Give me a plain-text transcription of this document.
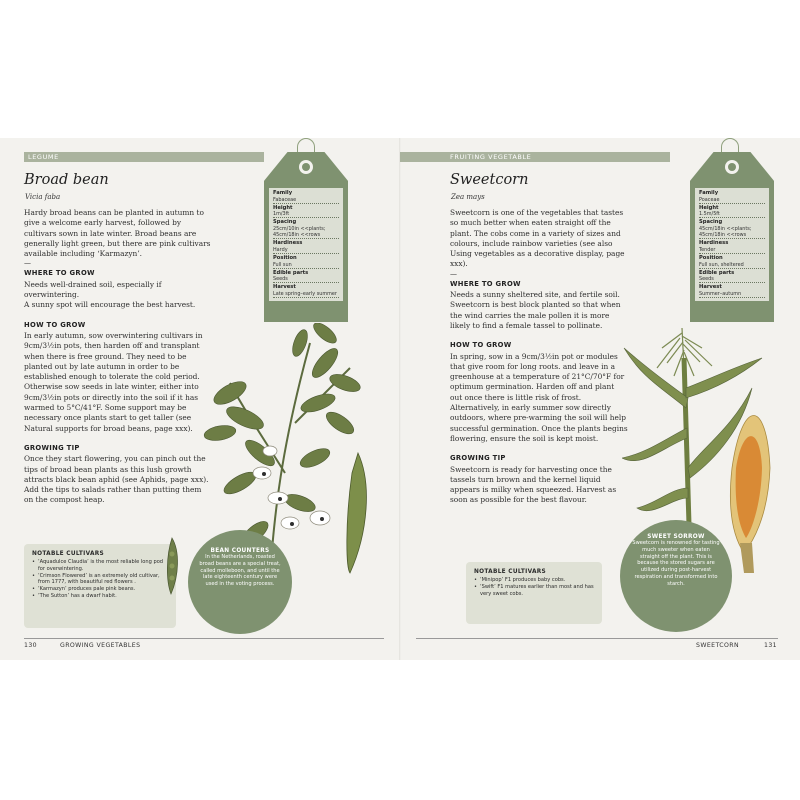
LEGUME
Broad bean
Vicia faba

Hardy broad beans can be planted in autumn to give a welcome early harvest, followed by cultivars sown in late winter. Broad beans are generally light green, but there are pink cultivars available including ‘Karmazyn’.

—
WHERE TO GROW

Needs well-drained soil, especially if overwintering.
A sunny spot will encourage the best harvest.

HOW TO GROW

In early autumn, sow overwintering cultivars in 9cm/3½in pots, then harden off and transplant when there is free ground. They need to be planted out by late autumn in order to be established enough to tolerate the cold period. Otherwise sow seeds in late winter, either into 9cm/3½in pots or directly into the soil if it has warmed to 5°C/41°F. Some support may be necessary once plants start to get taller (see Natural supports for broad beans, page xxx).

GROWING TIP

Once they start flowering, you can pinch out the tips of broad bean plants as this lush growth attracts black bean aphid (see Aphids, page xxx). Add the tips to salads rather than putting them on the compost heap.

Family
Fabaceae
Height
1m/3ft
Spacing
25cm/10in <<plants;
45cm/18in <<rows
Hardiness
Hardy
Position
Full sun
Edible parts
Seeds
Harvest
Late spring–early summer
NOTABLE CULTIVARS
• ‘Aquadulce Claudia’ is the most reliable long pod for overwintering.
• ‘Crimson Flowered’ is an extremely old cultivar, from 1777, with beautiful red flowers .
• ‘Karmazyn’ produces pale pink beans.
• ‘The Sutton’ has a dwarf habit.
BEAN COUNTERS

In the Netherlands, roasted broad beans are a special treat, called molleboon, and until the late eighteenth century were used in the voting process.

130	GROWING VEGETABLES
FRUITING VEGETABLE
Sweetcorn
Zea mays

Sweetcorn is one of the vegetables that tastes so much better when eaten straight off the plant. The cobs come in a variety of sizes and colours, include rainbow varieties (see also Using vegetables as a decorative display, page xxx).

—
WHERE TO GROW

Needs a sunny sheltered site, and fertile soil. Sweetcorn is best block planted so that when the wind carries the male pollen it is more likely to find a female tassel to pollinate.

HOW TO GROW

In spring, sow in a 9cm/3½in pot or modules that give room for long roots. and leave in a greenhouse at a temperature of 21°C/70°F for optimum germination. Harden off and plant out once there is little risk of frost. Alternatively, in early summer sow directly outdoors, where pre-warming the soil will help successful germination. Once the plants begins flowering, ensure the soil is kept moist.

GROWING TIP

Sweetcorn is ready for harvesting once the tassels turn brown and the kernel liquid appears is milky when squeezed. Harvest as soon as possible for the best flavour.

Family
Poaceae
Height
1.5m/5ft
Spacing
45cm/18in <<plants;
45cm/18in <<rows
Hardiness
Tender
Position
Full sun, sheltered
Edible parts
Seeds
Harvest
Summer–autumn
NOTABLE CULTIVARS
• ‘Minipop’ F1 produces baby cobs.
• ‘Swift’ F1 matures earlier than most and has very sweet cobs.
SWEET SORROW

Sweetcorn is renowned for tasting much sweeter when eaten straight off the plant. This is because the stored sugars are utilized during post-harvest respiration and transformed into starch.

SWEETCORN	131
